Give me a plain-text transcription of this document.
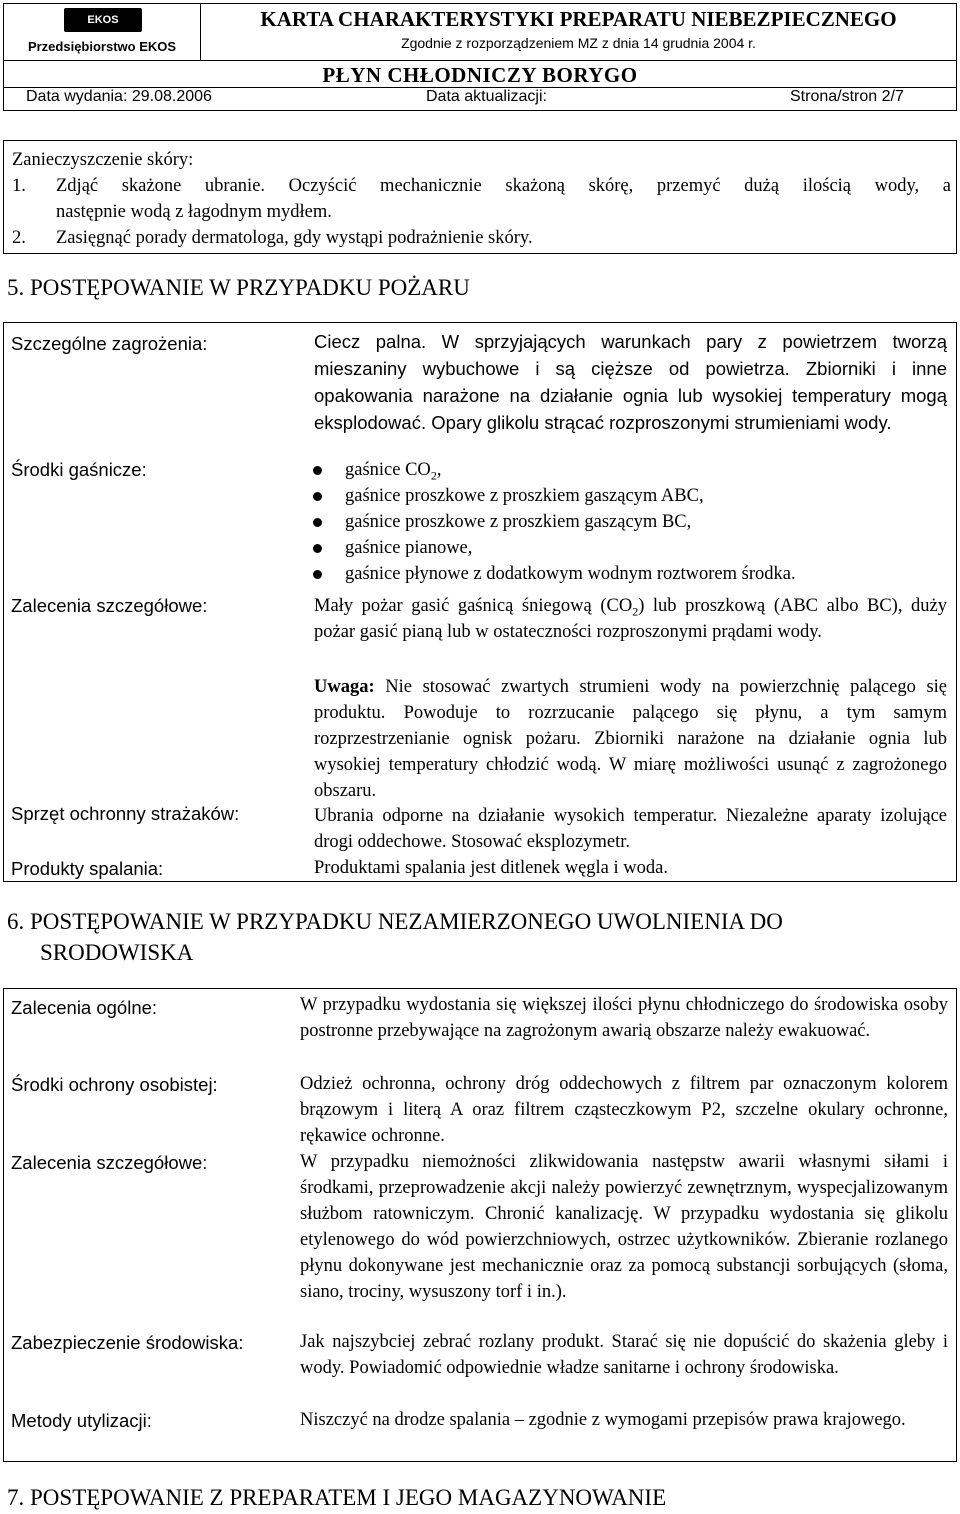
EKOS
Przedsiębiorstwo EKOS
KARTA CHARAKTERYSTYKI PREPARATU NIEBEZPIECZNEGO
Zgodnie z rozporządzeniem MZ z dnia 14 grudnia 2004 r.
PŁYN CHŁODNICZY BORYGO
Data wydania: 29.08.2006	Data aktualizacji:	Strona/stron 2/7
Zanieczyszczenie skóry:
1. Zdjąć skażone ubranie. Oczyścić mechanicznie skażoną skórę, przemyć dużą ilością wody, a
następnie wodą z łagodnym mydłem.
2. Zasięgnąć porady dermatologa, gdy wystąpi podrażnienie skóry.
5. POSTĘPOWANIE W PRZYPADKU POŻARU
Szczególne zagrożenia:	Ciecz palna. W sprzyjających warunkach pary z powietrzem tworzą mieszaniny wybuchowe i są cięższe od powietrza. Zbiorniki i inne opakowania narażone na działanie ognia lub wysokiej temperatury mogą eksplodować. Opary glikolu strącać rozproszonymi strumieniami wody.
Środki gaśnicze:	gaśnice $CO_2$,
gaśnice proszkowe z proszkiem gaszącym ABC,
gaśnice proszkowe z proszkiem gaszącym BC,
gaśnice pianowe,
gaśnice płynowe z dodatkowym wodnym roztworem środka.
Zalecenia szczegółowe:	Mały pożar gasić gaśnicą śniegową $(CO_2)$ lub proszkową (ABC albo BC), duży pożar gasić pianą lub w ostateczności rozproszonymi prądami wody.
Uwaga: Nie stosować zwartych strumieni wody na powierzchnię palącego się produktu. Powoduje to rozrzucanie palącego się płynu, a tym samym rozprzestrzenianie ognisk pożaru. Zbiorniki narażone na działanie ognia lub wysokiej temperatury chłodzić wodą. W miarę możliwości usunąć z zagrożonego obszaru.
Sprzęt ochronny strażaków:	Ubrania odporne na działanie wysokich temperatur. Niezależne aparaty izolujące drogi oddechowe. Stosować eksplozymetr.
Produkty spalania:	Produktami spalania jest ditlenek węgla i woda.
6. POSTĘPOWANIE W PRZYPADKU NEZAMIERZONEGO UWOLNIENIA DO
SRODOWISKA
Zalecenia ogólne:	W przypadku wydostania się większej ilości płynu chłodniczego do środowiska osoby postronne przebywające na zagrożonym awarią obszarze należy ewakuować.
Środki ochrony osobistej:	Odzież ochronna, ochrony dróg oddechowych z filtrem par oznaczonym kolorem brązowym i literą A oraz filtrem cząsteczkowym P2, szczelne okulary ochronne, rękawice ochronne.
Zalecenia szczegółowe:	W przypadku niemożności zlikwidowania następstw awarii własnymi siłami i środkami, przeprowadzenie akcji należy powierzyć zewnętrznym, wyspecjalizowanym służbom ratowniczym. Chronić kanalizację. W przypadku wydostania się glikolu etylenowego do wód powierzchniowych, ostrzec użytkowników. Zbieranie rozlanego płynu dokonywane jest mechanicznie oraz za pomocą substancji sorbujących (słoma, siano, trociny, wysuszony torf i in.).
Zabezpieczenie środowiska:	Jak najszybciej zebrać rozlany produkt. Starać się nie dopuścić do skażenia gleby i wody. Powiadomić odpowiednie władze sanitarne i ochrony środowiska.
Metody utylizacji:	Niszczyć na drodze spalania – zgodnie z wymogami przepisów prawa krajowego.
7. POSTĘPOWANIE Z PREPARATEM I JEGO MAGAZYNOWANIE
